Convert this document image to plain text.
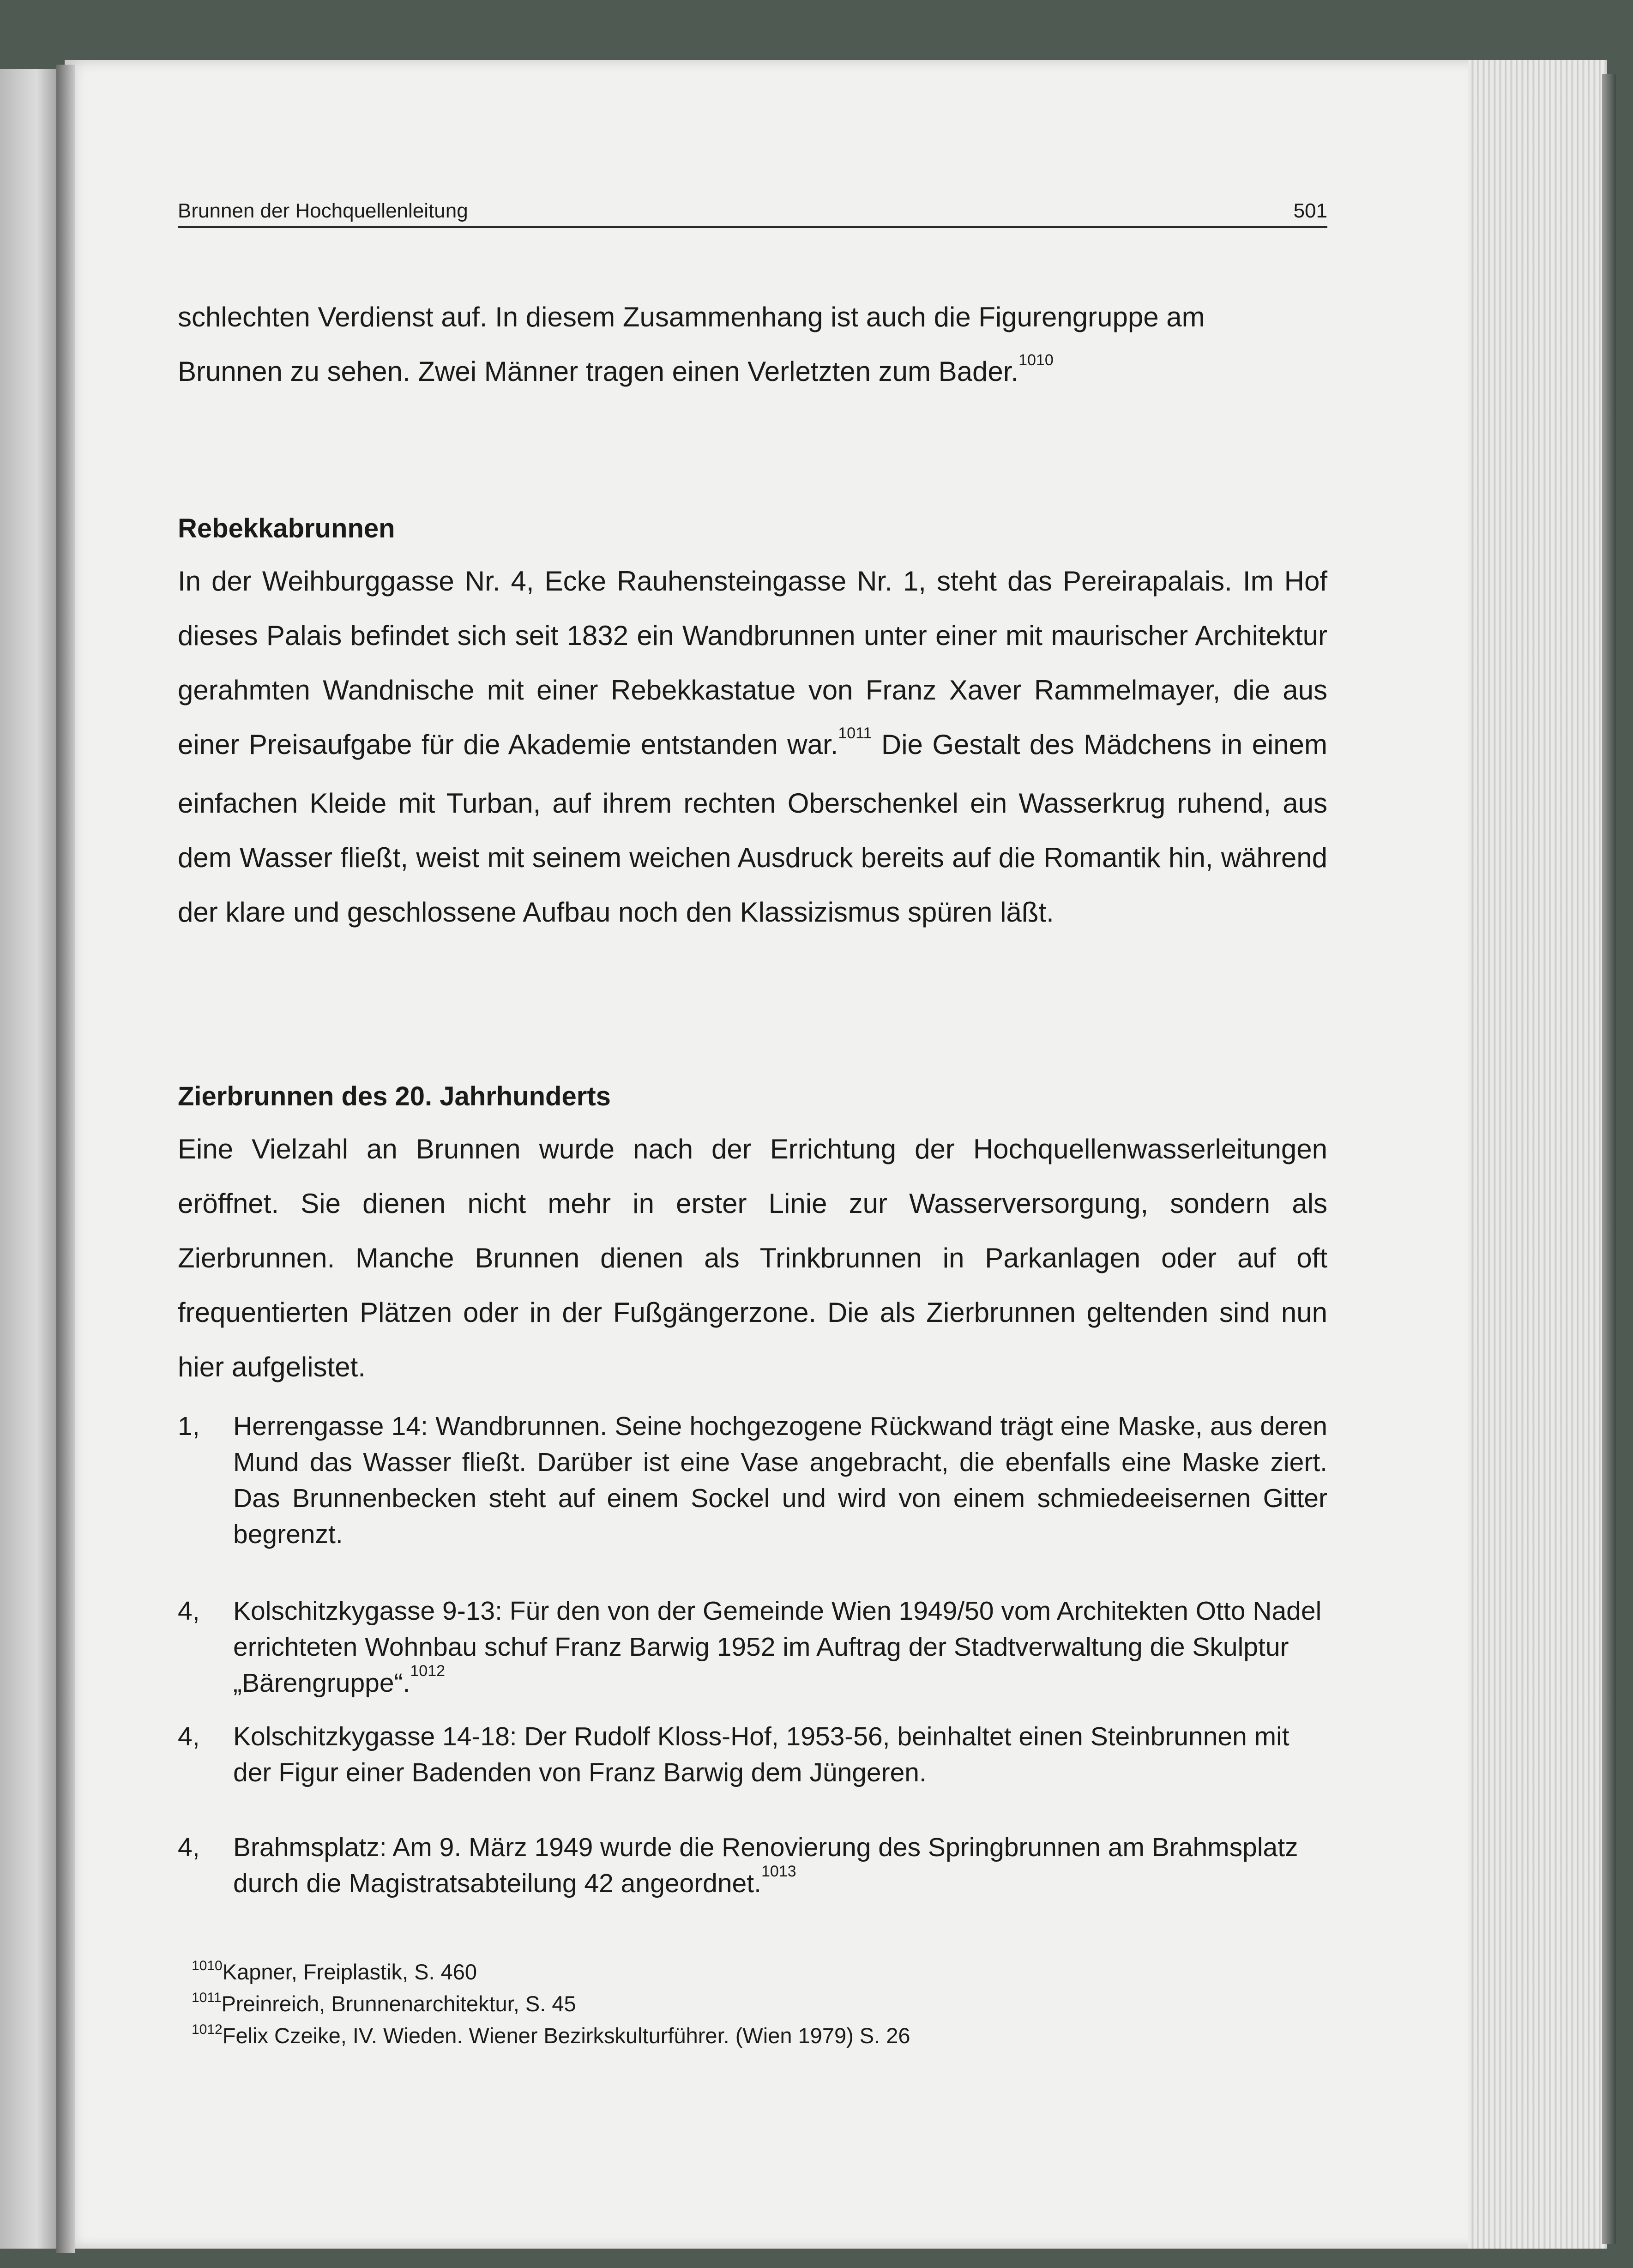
Brunnen der Hochquellenleitung	501

schlechten Verdienst auf. In diesem Zusammenhang ist auch die Figurengruppe am

Brunnen zu sehen. Zwei Männer tragen einen Verletzten zum Bader.$^{1010}$

Rebekkabrunnen

In der Weihburggasse Nr. 4, Ecke Rauhensteingasse Nr. 1, steht das Pereirapalais. Im Hof dieses Palais befindet sich seit 1832 ein Wandbrunnen unter einer mit maurischer Architektur gerahmten Wandnische mit einer Rebekkastatue von Franz Xaver Rammelmayer, die aus einer Preisaufgabe für die Akademie entstanden war.$^{1011}$ Die Gestalt des Mädchens in einem einfachen Kleide mit Turban, auf ihrem rechten Oberschenkel ein Wasserkrug ruhend, aus dem Wasser fließt, weist mit seinem weichen Ausdruck bereits auf die Romantik hin, während der klare und geschlossene Aufbau noch den Klassizismus spüren läßt.

Zierbrunnen des 20. Jahrhunderts

Eine Vielzahl an Brunnen wurde nach der Errichtung der Hochquellenwasserleitungen eröffnet. Sie dienen nicht mehr in erster Linie zur Wasserversorgung, sondern als Zierbrunnen. Manche Brunnen dienen als Trinkbrunnen in Parkanlagen oder auf oft frequentierten Plätzen oder in der Fußgängerzone. Die als Zierbrunnen geltenden sind nun hier aufgelistet.

1, Herrengasse 14: Wandbrunnen. Seine hochgezogene Rückwand trägt eine Maske, aus deren Mund das Wasser fließt. Darüber ist eine Vase angebracht, die ebenfalls eine Maske ziert. Das Brunnenbecken steht auf einem Sockel und wird von einem schmiedeeisernen Gitter begrenzt.
4, Kolschitzkygasse 9-13: Für den von der Gemeinde Wien 1949/50 vom Architekten Otto Nadel errichteten Wohnbau schuf Franz Barwig 1952 im Auftrag der Stadtverwaltung die Skulptur „Bärengruppe“.$^{1012}$
4, Kolschitzkygasse 14-18: Der Rudolf Kloss-Hof, 1953-56, beinhaltet einen Steinbrunnen mit der Figur einer Badenden von Franz Barwig dem Jüngeren.
4, Brahmsplatz: Am 9. März 1949 wurde die Renovierung des Springbrunnen am Brahmsplatz durch die Magistratsabteilung 42 angeordnet.$^{1013}$
$^{1010}$Kapner, Freiplastik, S. 460
$^{1011}$Preinreich, Brunnenarchitektur, S. 45
$^{1012}$Felix Czeike, IV. Wieden. Wiener Bezirkskulturführer. (Wien 1979) S. 26
